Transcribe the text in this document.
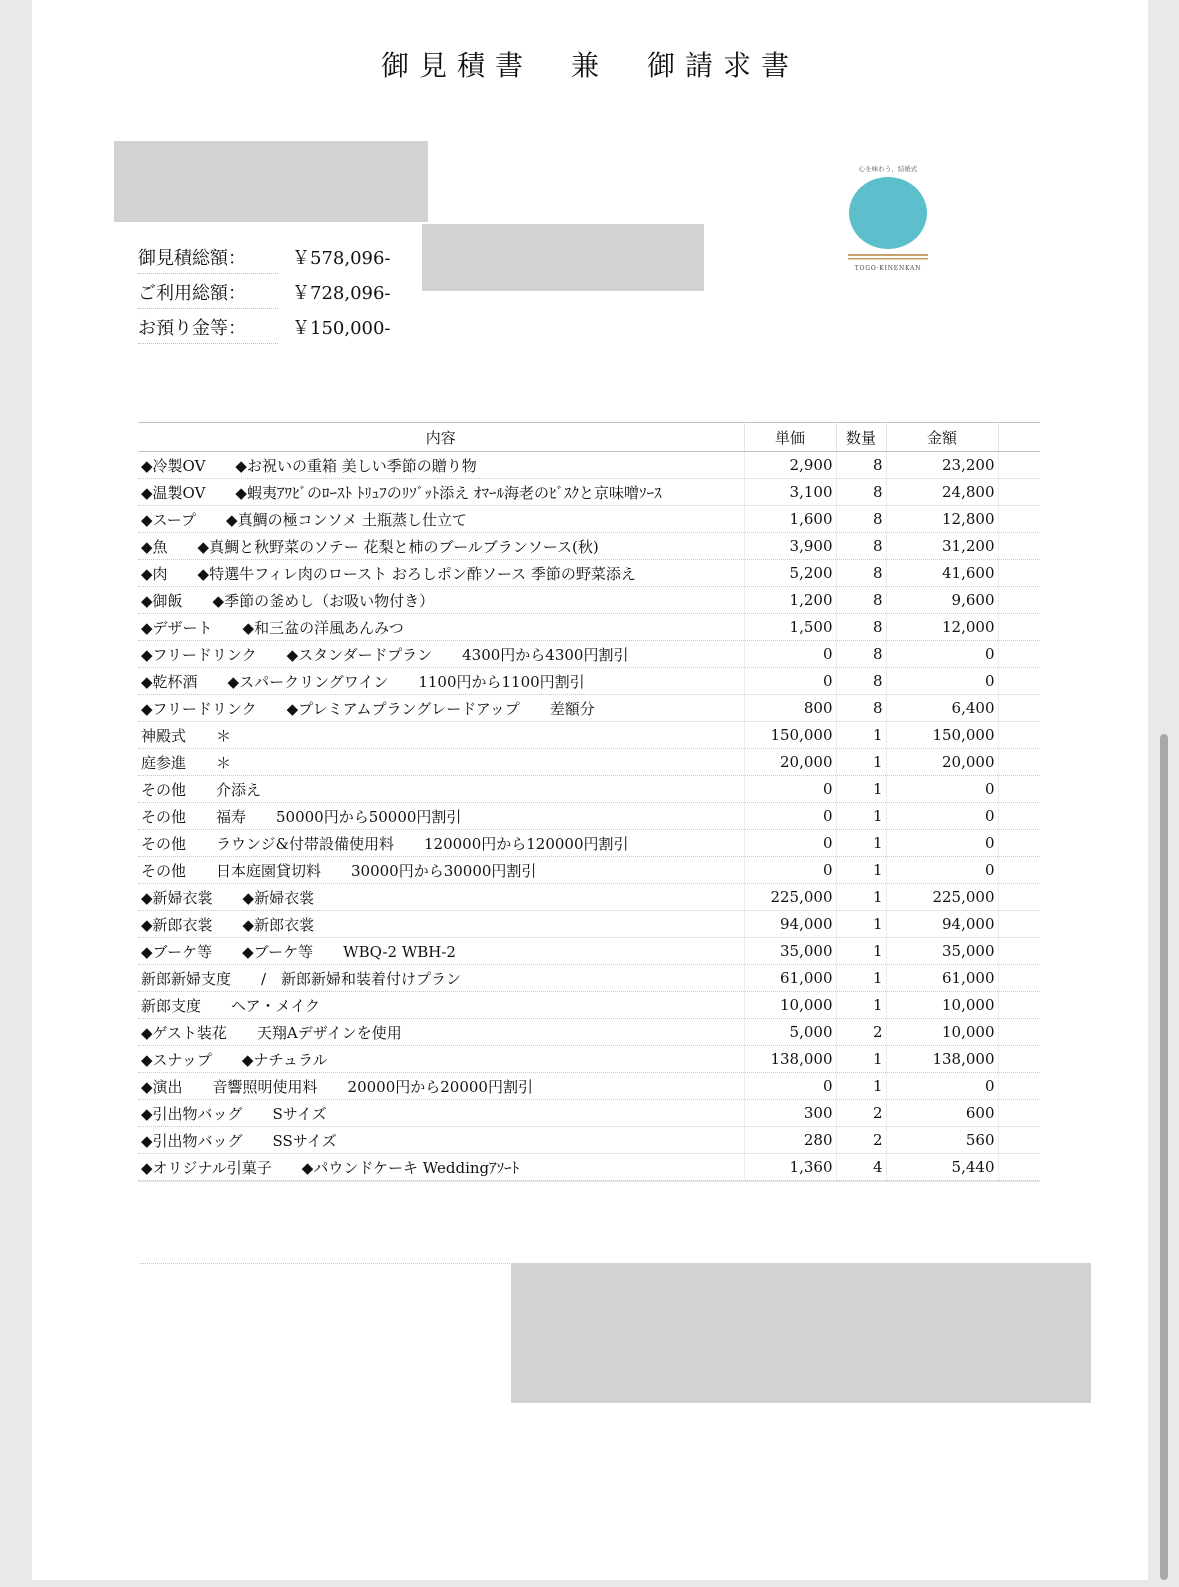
御見積書　兼　御請求書
御見積総額：	￥578,096-
ご利用総額：	￥728,096-
お預り金等：	￥150,000-
心を味わう、結婚式
TOGO·KINENKAN
内容	単価	数量	金額	
◆冷製OV　　◆お祝いの重箱 美しい季節の贈り物	2,900	8	23,200	
◆温製OV　　◆蝦夷ｱﾜﾋﾞのﾛｰｽﾄ ﾄﾘｭﾌのﾘｿﾞｯﾄ添え ｵﾏｰﾙ海老のﾋﾞｽｸと京味噌ｿｰｽ	3,100	8	24,800	
◆スープ　　◆真鯛の極コンソメ 土瓶蒸し仕立て	1,600	8	12,800	
◆魚　　◆真鯛と秋野菜のソテー 花梨と柿のブールブランソース(秋)	3,900	8	31,200	
◆肉　　◆特選牛フィレ肉のロースト おろしポン酢ソース 季節の野菜添え	5,200	8	41,600	
◆御飯　　◆季節の釜めし（お吸い物付き）	1,200	8	9,600	
◆デザート　　◆和三盆の洋風あんみつ	1,500	8	12,000	
◆フリードリンク　　◆スタンダードプラン　　4300円から4300円割引	0	8	0	
◆乾杯酒　　◆スパークリングワイン　　1100円から1100円割引	0	8	0	
◆フリードリンク　　◆プレミアムプラングレードアップ　　差額分	800	8	6,400	
神殿式　　＊	150,000	1	150,000	
庭参進　　＊	20,000	1	20,000	
その他　　介添え	0	1	0	
その他　　福寿　　50000円から50000円割引	0	1	0	
その他　　ラウンジ&付帯設備使用料　　120000円から120000円割引	0	1	0	
その他　　日本庭園貸切料　　30000円から30000円割引	0	1	0	
◆新婦衣裳　　◆新婦衣裳	225,000	1	225,000	
◆新郎衣裳　　◆新郎衣裳	94,000	1	94,000	
◆ブーケ等　　◆ブーケ等　　WBQ-2 WBH-2	35,000	1	35,000	
新郎新婦支度　　/　新郎新婦和装着付けプラン	61,000	1	61,000	
新郎支度　　ヘア・メイク	10,000	1	10,000	
◆ゲスト装花　　天翔Aデザインを使用	5,000	2	10,000	
◆スナップ　　◆ナチュラル	138,000	1	138,000	
◆演出　　音響照明使用料　　20000円から20000円割引	0	1	0	
◆引出物バッグ　　Sサイズ	300	2	600	
◆引出物バッグ　　SSサイズ	280	2	560	
◆オリジナル引菓子　　◆パウンドケーキ Weddingｱｿｰﾄ	1,360	4	5,440	
